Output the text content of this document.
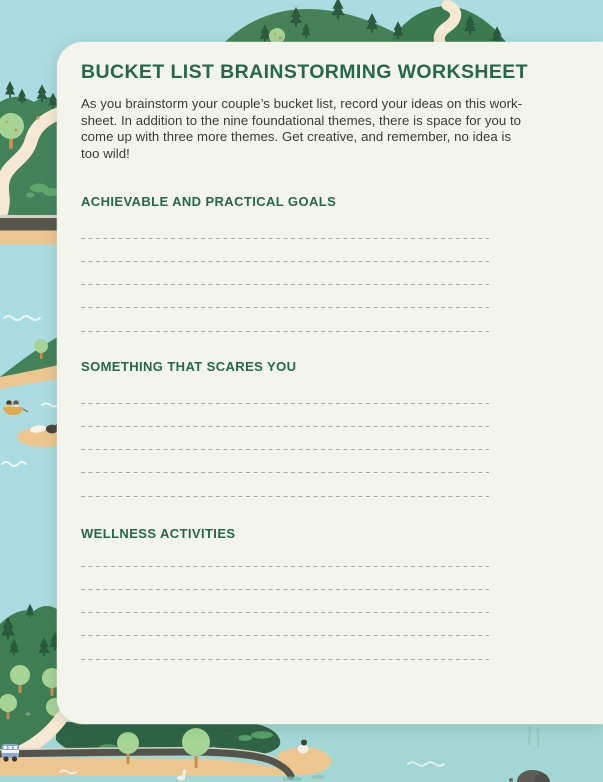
BUCKET LIST BRAINSTORMING WORKSHEET
As you brainstorm your couple’s bucket list, record your ideas on this work-
sheet. In addition to the nine foundational themes, there is space for you to
come up with three more themes. Get creative, and remember, no idea is
too wild!
ACHIEVABLE AND PRACTICAL GOALS
SOMETHING THAT SCARES YOU
WELLNESS ACTIVITIES
